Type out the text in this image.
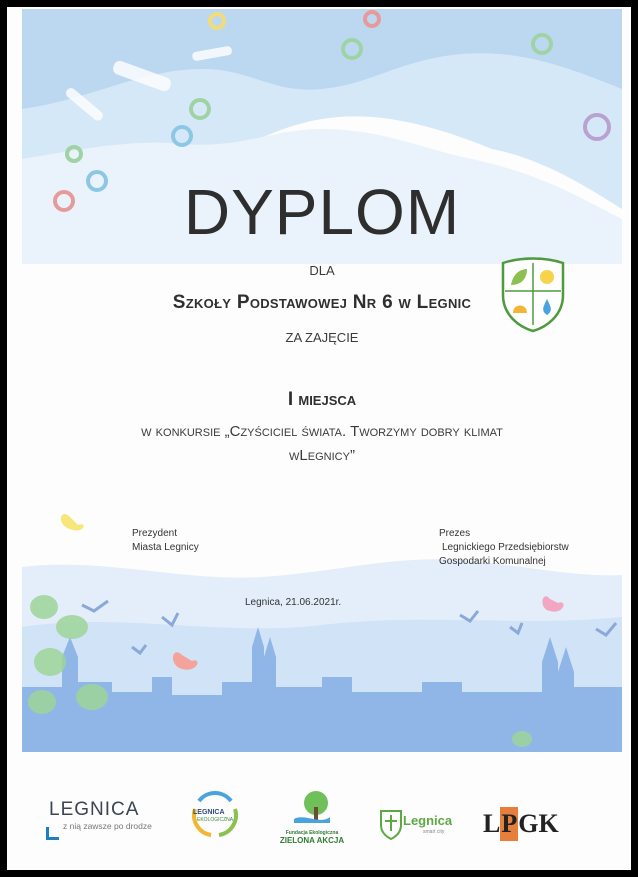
DYPLOM
DLA
Szkoły Podstawowej Nr 6 w Legnic
ZA ZAJĘCIE
I miejsca
w konkursie „Czyściciel świata. Tworzymy dobry klimat
wLegnicy”
Prezydent
Miasta Legnicy
Prezes
Legnickiego Przedsiębiorstw
Gospodarki Komunalnej
Legnica, 21.06.2021r.
LEGNICA
z nią zawsze po drodze
LEGNICA
EKOLOGICZNA
Fundacja Ekologiczna
ZIELONA AKCJA
Legnica
smart city LPGK
